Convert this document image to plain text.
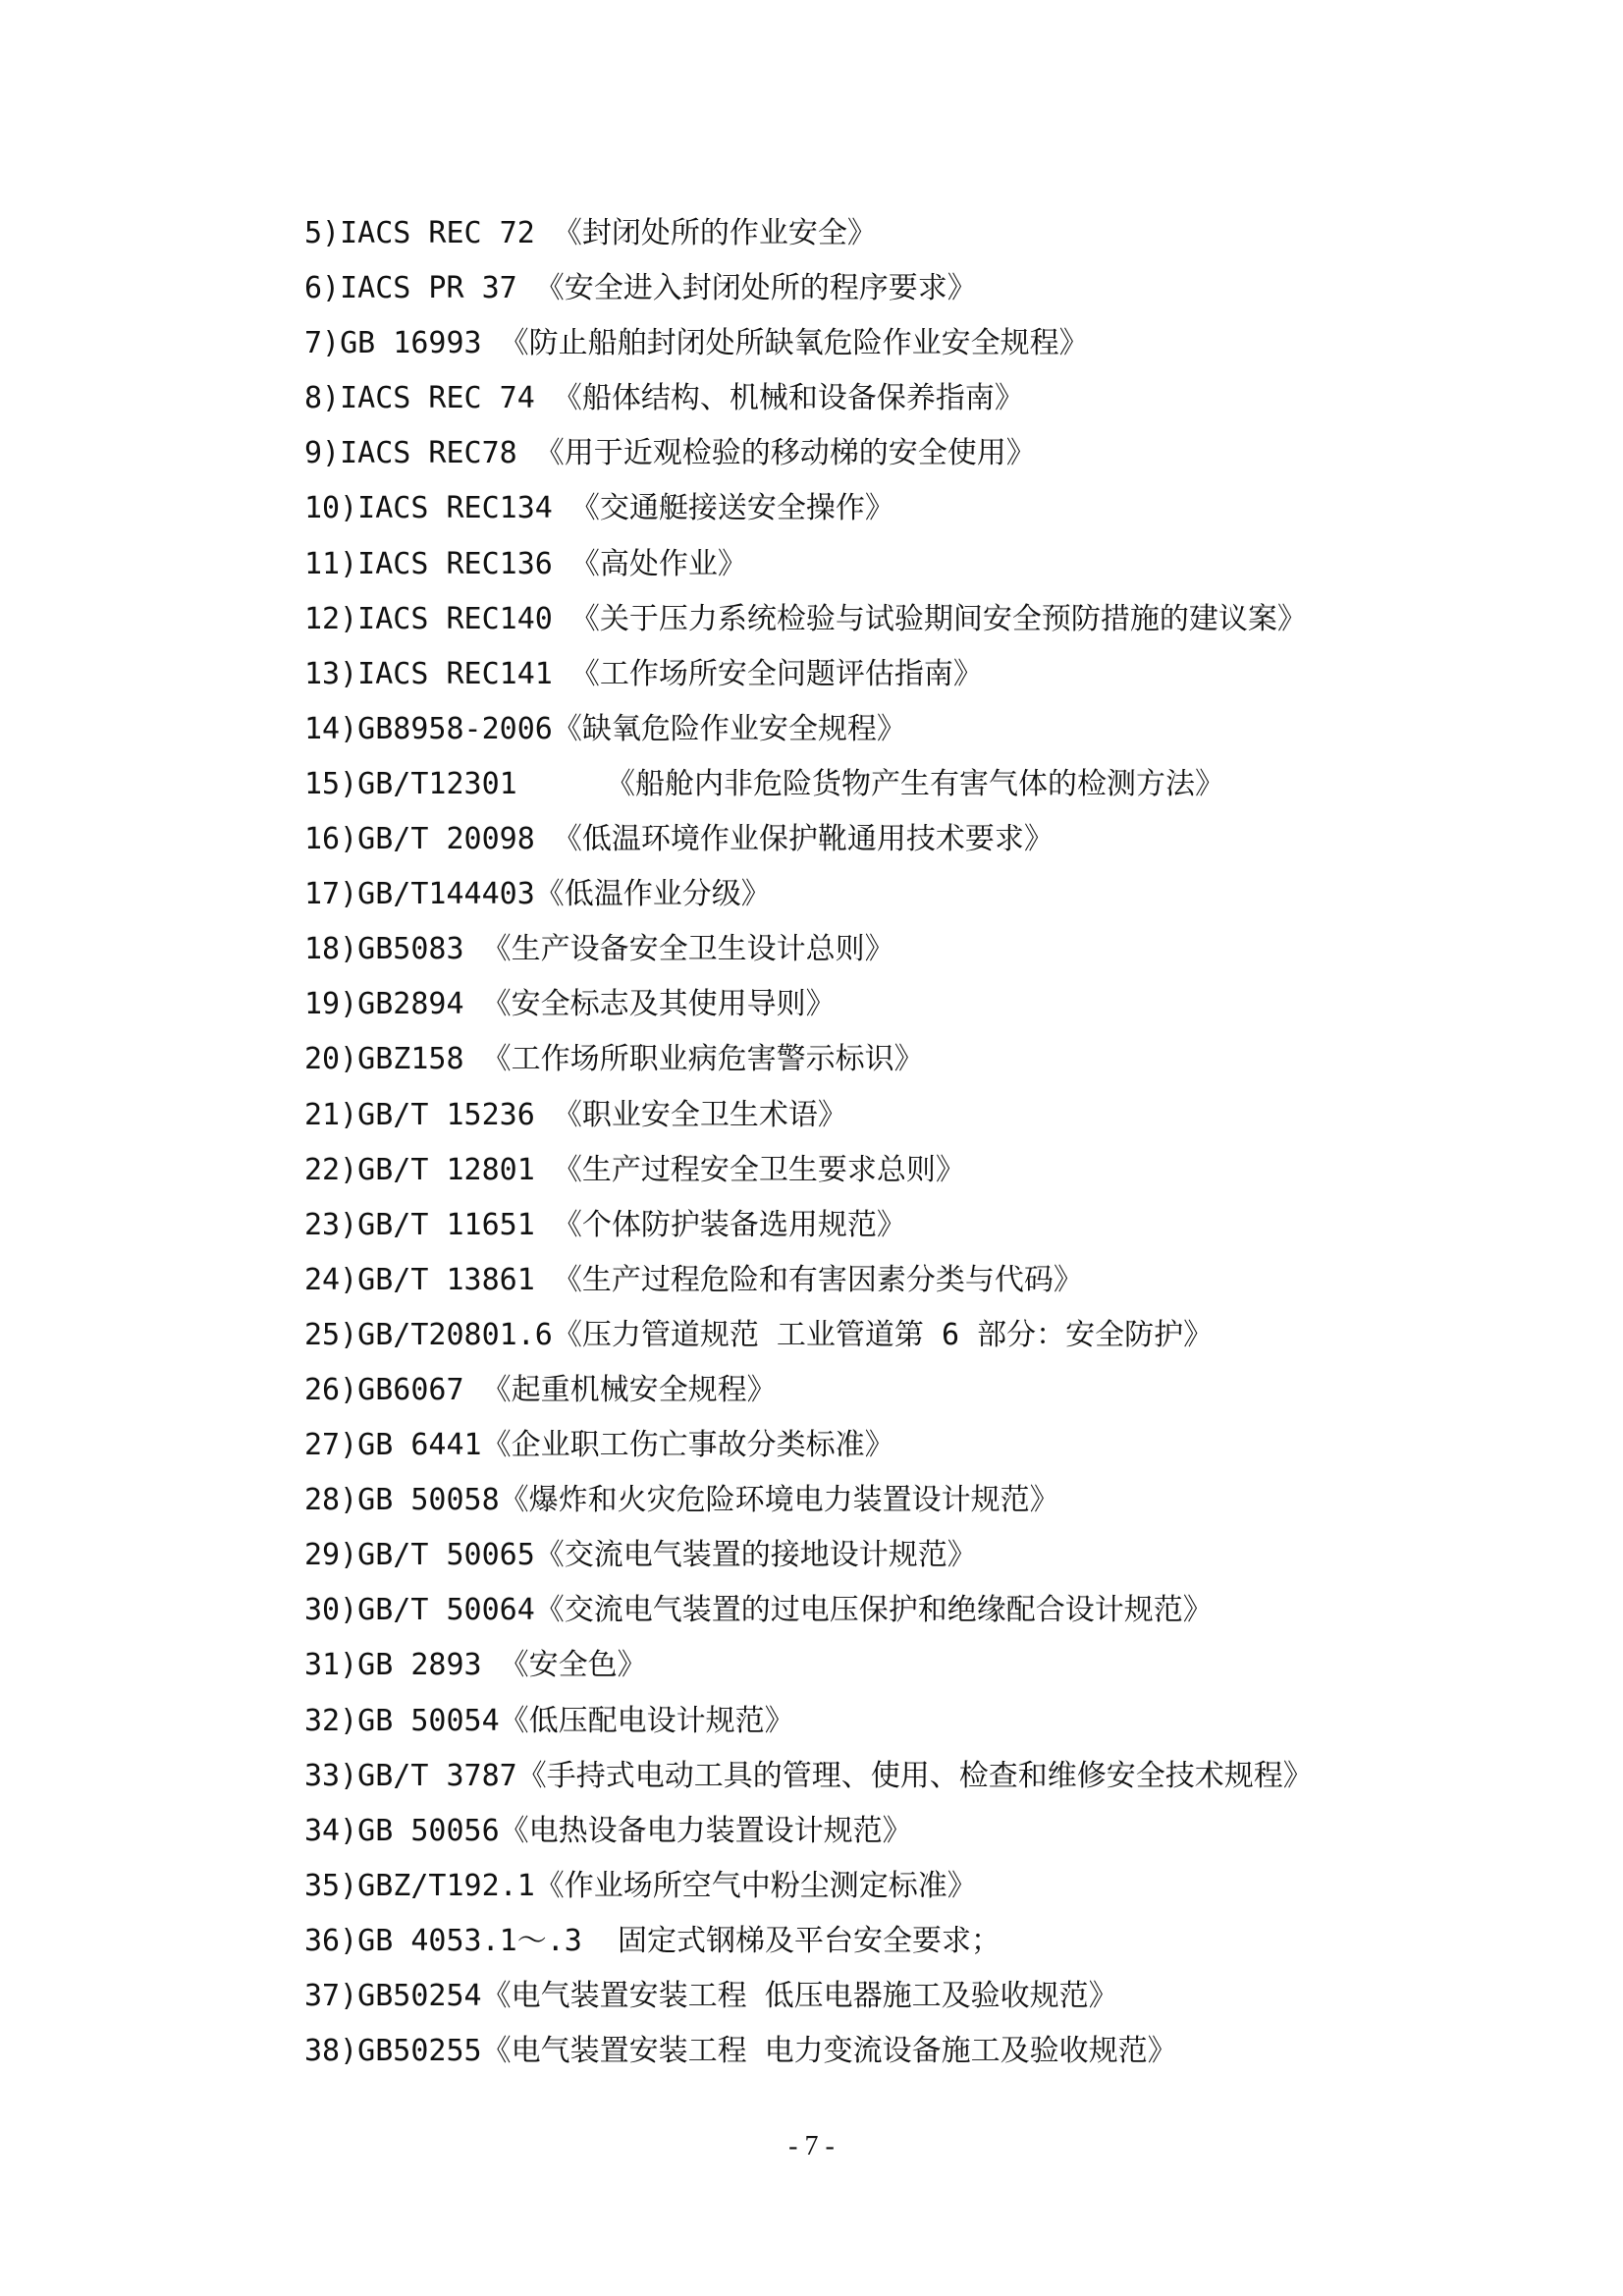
5)IACS REC 72 《封闭处所的作业安全》
6)IACS PR 37 《安全进入封闭处所的程序要求》
7)GB 16993 《防止船舶封闭处所缺氧危险作业安全规程》
8)IACS REC 74 《船体结构、机械和设备保养指南》
9)IACS REC78 《用于近观检验的移动梯的安全使用》
10)IACS REC134 《交通艇接送安全操作》
11)IACS REC136 《高处作业》
12)IACS REC140 《关于压力系统检验与试验期间安全预防措施的建议案》
13)IACS REC141 《工作场所安全问题评估指南》
14)GB8958-2006《缺氧危险作业安全规程》
15)GB/T12301     《船舱内非危险货物产生有害气体的检测方法》
16)GB/T 20098 《低温环境作业保护靴通用技术要求》
17)GB/T144403《低温作业分级》
18)GB5083 《生产设备安全卫生设计总则》
19)GB2894 《安全标志及其使用导则》
20)GBZ158 《工作场所职业病危害警示标识》
21)GB/T 15236 《职业安全卫生术语》
22)GB/T 12801 《生产过程安全卫生要求总则》
23)GB/T 11651 《个体防护装备选用规范》
24)GB/T 13861 《生产过程危险和有害因素分类与代码》
25)GB/T20801.6《压力管道规范 工业管道第 6 部分：安全防护》
26)GB6067 《起重机械安全规程》
27)GB 6441《企业职工伤亡事故分类标准》
28)GB 50058《爆炸和火灾危险环境电力装置设计规范》
29)GB/T 50065《交流电气装置的接地设计规范》
30)GB/T 50064《交流电气装置的过电压保护和绝缘配合设计规范》
31)GB 2893 《安全色》
32)GB 50054《低压配电设计规范》
33)GB/T 3787《手持式电动工具的管理、使用、检查和维修安全技术规程》
34)GB 50056《电热设备电力装置设计规范》
35)GBZ/T192.1《作业场所空气中粉尘测定标准》
36)GB 4053.1～.3  固定式钢梯及平台安全要求；
37)GB50254《电气装置安装工程 低压电器施工及验收规范》
38)GB50255《电气装置安装工程 电力变流设备施工及验收规范》
- 7 -
